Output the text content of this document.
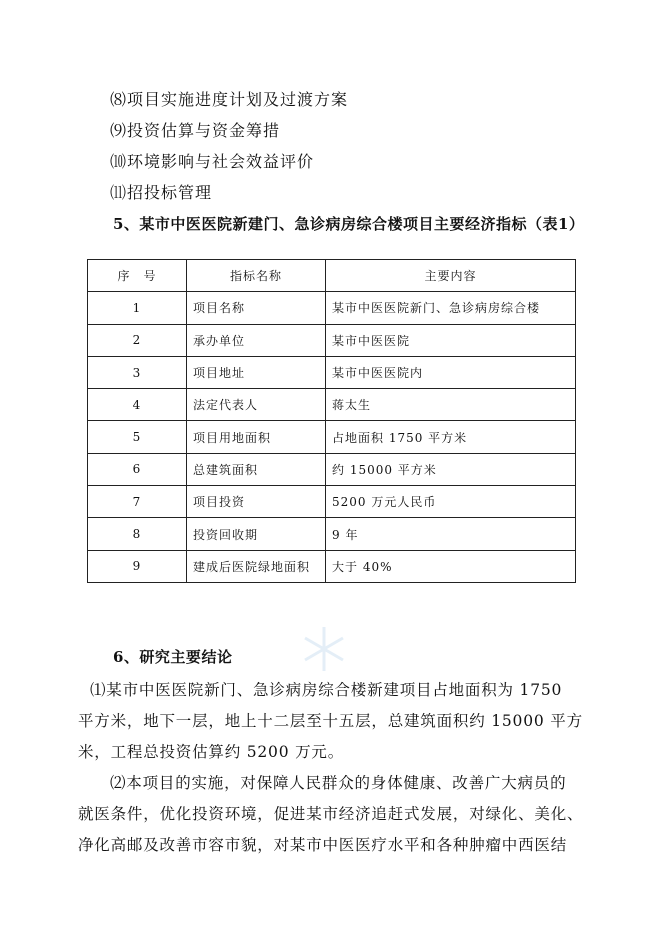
⑻项目实施进度计划及过渡方案
⑼投资估算与资金筹措
⑽环境影响与社会效益评价
⑾招投标管理
5、某市中医医院新建门、急诊病房综合楼项目主要经济指标（表1）
序　号	指标名称	主要内容
1	项目名称	某市中医医院新门、急诊病房综合楼
2	承办单位	某市中医医院
3	项目地址	某市中医医院内
4	法定代表人	蒋太生
5	项目用地面积	占地面积 1750 平方米
6	总建筑面积	约 15000 平方米
7	项目投资	5200 万元人民币
8	投资回收期	9 年
9	建成后医院绿地面积	大于 40%
6、研究主要结论
⑴某市中医医院新门、急诊病房综合楼新建项目占地面积为 1750
平方米，地下一层，地上十二层至十五层，总建筑面积约 15000 平方
米，工程总投资估算约 5200 万元。
⑵本项目的实施，对保障人民群众的身体健康、改善广大病员的
就医条件，优化投资环境，促进某市经济追赶式发展，对绿化、美化、
净化高邮及改善市容市貌，对某市中医医疗水平和各种肿瘤中西医结
